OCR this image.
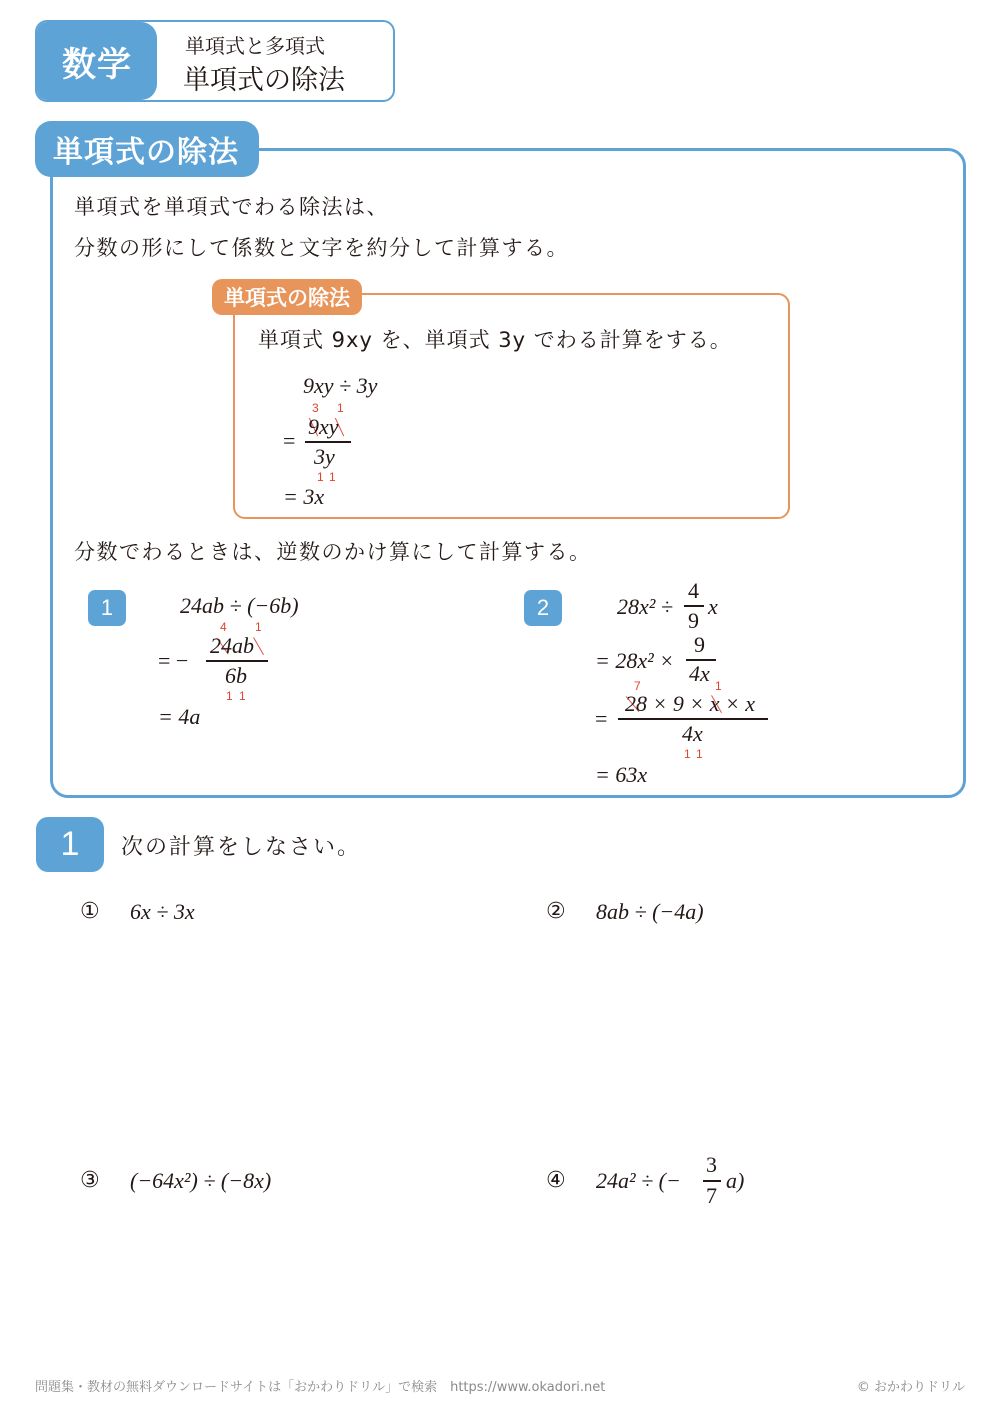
数学	単項式と多項式
単項式の除法
単項式の除法
単項式を単項式でわる除法は、
分数の形にして係数と文字を約分して計算する。
単項式の除法
単項式 9xy を、単項式 3y でわる計算をする。
9xy ÷ 3y
3 1
=
9xy
3y
1 1
= 3x
分数でわるときは、逆数のかけ算にして計算する。
1	24ab ÷ (−6b)
4 1
= −
24ab
6b
1 1
= 4a
2	28x² ÷
4
9
x
= 28x² ×
9
4x
7	1
=
28 × 9 × x × x
4x
1 1
= 63x
1	次の計算をしなさい。
① 6x ÷ 3x	② 8ab ÷ (−4a)
③ (−64x²) ÷ (−8x)	④ 24a² ÷ (−
3
7
a)
問題集・教材の無料ダウンロードサイトは「おかわりドリル」で検索　https://www.okadori.net	© おかわりドリル
